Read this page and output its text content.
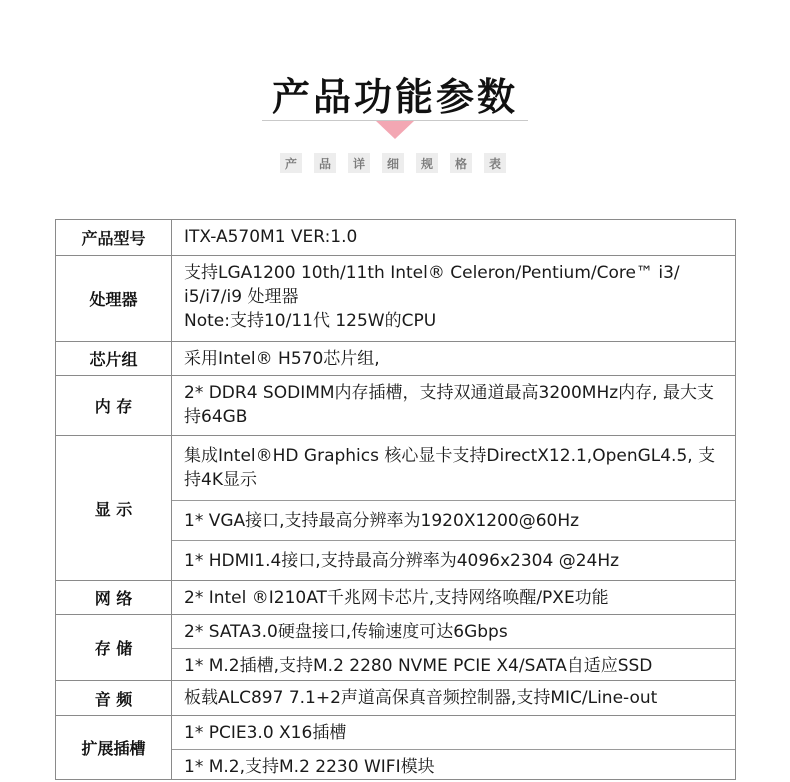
产品功能参数
产	品	详	细	规	格	表
产品型号	ITX-A570M1 VER:1.0

处理器	支持LGA1200 10th/11th Intel® Celeron/Pentium/Core™ i3/ i5/i7/i9 处理器
Note:支持10/11代 125W的CPU

芯片组	采用Intel® H570芯片组,

内 存	2* DDR4 SODIMM内存插槽，支持双通道最高3200MHz内存, 最大支持64GB

显 示	集成Intel®HD Graphics 核心显卡支持DirectX12.1,OpenGL4.5, 支持4K显示
1* VGA接口,支持最高分辨率为1920X1200@60Hz
1* HDMI1.4接口,支持最高分辨率为4096x2304 @24Hz

网 络	2* Intel ®I210AT千兆网卡芯片,支持网络唤醒/PXE功能

存 储	2* SATA3.0硬盘接口,传输速度可达6Gbps
1* M.2插槽,支持M.2 2280 NVME PCIE X4/SATA自适应SSD

音 频	板载ALC897 7.1+2声道高保真音频控制器,支持MIC/Line-out

扩展插槽	1* PCIE3.0 X16插槽
1* M.2,支持M.2 2230 WIFI模块
